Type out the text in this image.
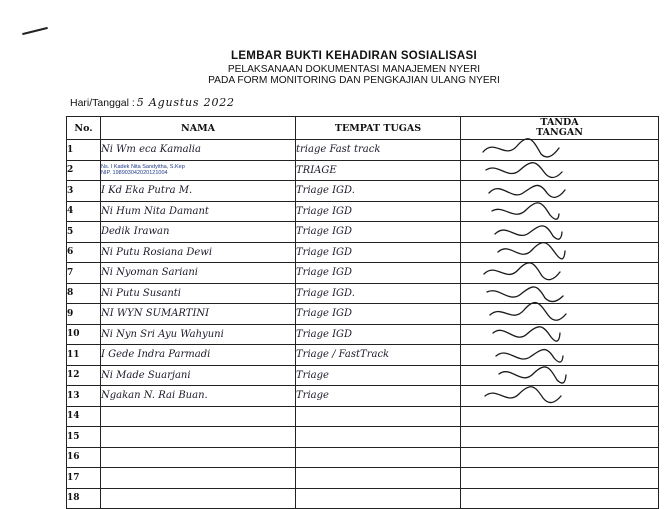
LEMBAR BUKTI KEHADIRAN SOSIALISASI
PELAKSANAAN DOKUMENTASI MANAJEMEN NYERI
PADA FORM MONITORING DAN PENGKAJIAN ULANG NYERI
Hari/Tanggal : 5 Agustus 2022
No.	NAMA	TEMPAT TUGAS	TANDA
TANGAN

1	Ni Wm eca Kamalia	triage Fast track	

2	Ns. I Kadek Nita Sandyitha, S.Kep
NIP. 198903042020121004	TRIAGE	

3	I Kd Eka Putra M.	Triage IGD.	

4	Ni Hum Nita Damant	Triage IGD	

5	Dedik Irawan	Triage IGD	

6	Ni Putu Rosiana Dewi	Triage IGD	

7	Ni Nyoman Sariani	Triage IGD	

8	Ni Putu Susanti	Triage IGD.	

9	NI WYN SUMARTINI	Triage IGD	

10	Ni Nyn Sri Ayu Wahyuni	Triage IGD	

11	I Gede Indra Parmadi	Triage / FastTrack	

12	Ni Made Suarjani	Triage	

13	Ngakan N. Rai Buan.	Triage	

14			
15			
16			
17			
18			
